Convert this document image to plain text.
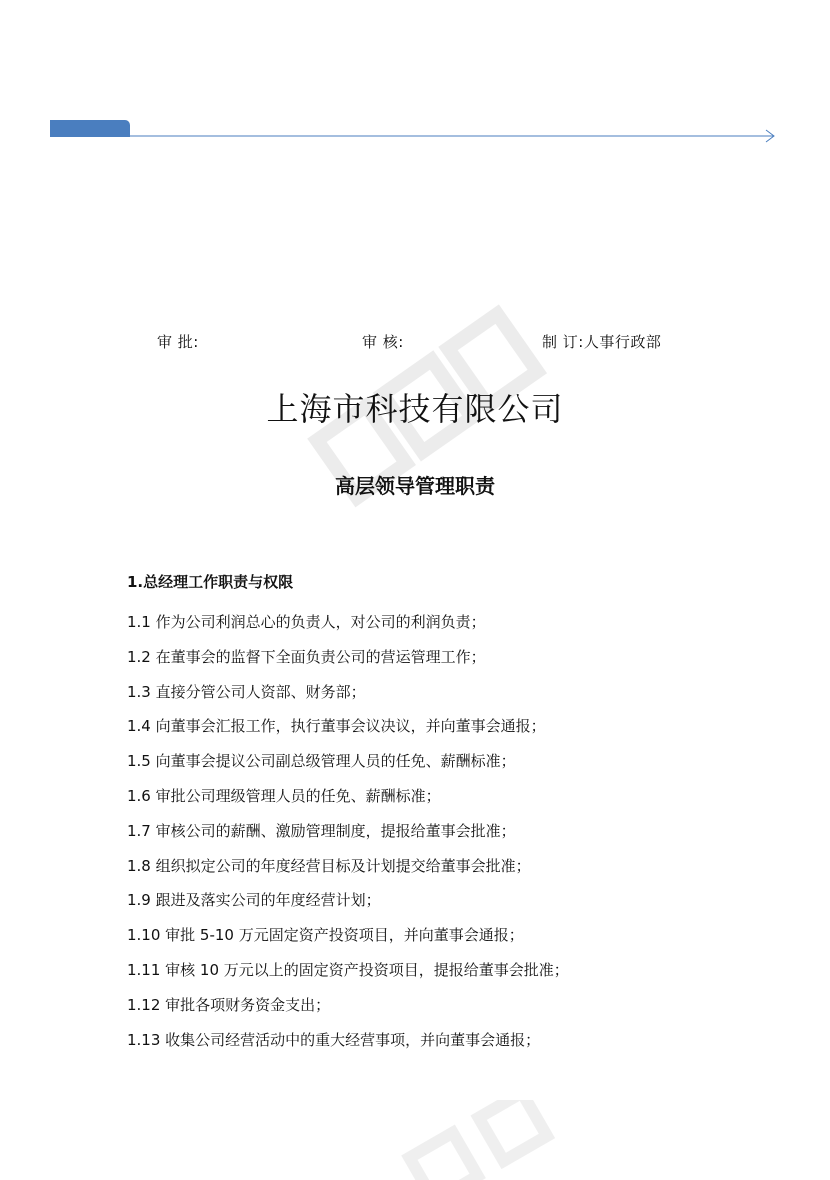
审 批:	审 核:	制 订:人事行政部
上海市科技有限公司
高层领导管理职责
1.总经理工作职责与权限
1.1 作为公司利润总心的负责人，对公司的利润负责；
1.2 在董事会的监督下全面负责公司的营运管理工作；
1.3 直接分管公司人资部、财务部；
1.4 向董事会汇报工作，执行董事会议决议，并向董事会通报；
1.5 向董事会提议公司副总级管理人员的任免、薪酬标准；
1.6 审批公司理级管理人员的任免、薪酬标准；
1.7 审核公司的薪酬、激励管理制度，提报给董事会批准；
1.8 组织拟定公司的年度经营目标及计划提交给董事会批准；
1.9 跟进及落实公司的年度经营计划；
1.10 审批 5-10 万元固定资产投资项目，并向董事会通报；
1.11 审核 10 万元以上的固定资产投资项目，提报给董事会批准；
1.12 审批各项财务资金支出；
1.13 收集公司经营活动中的重大经营事项，并向董事会通报；
